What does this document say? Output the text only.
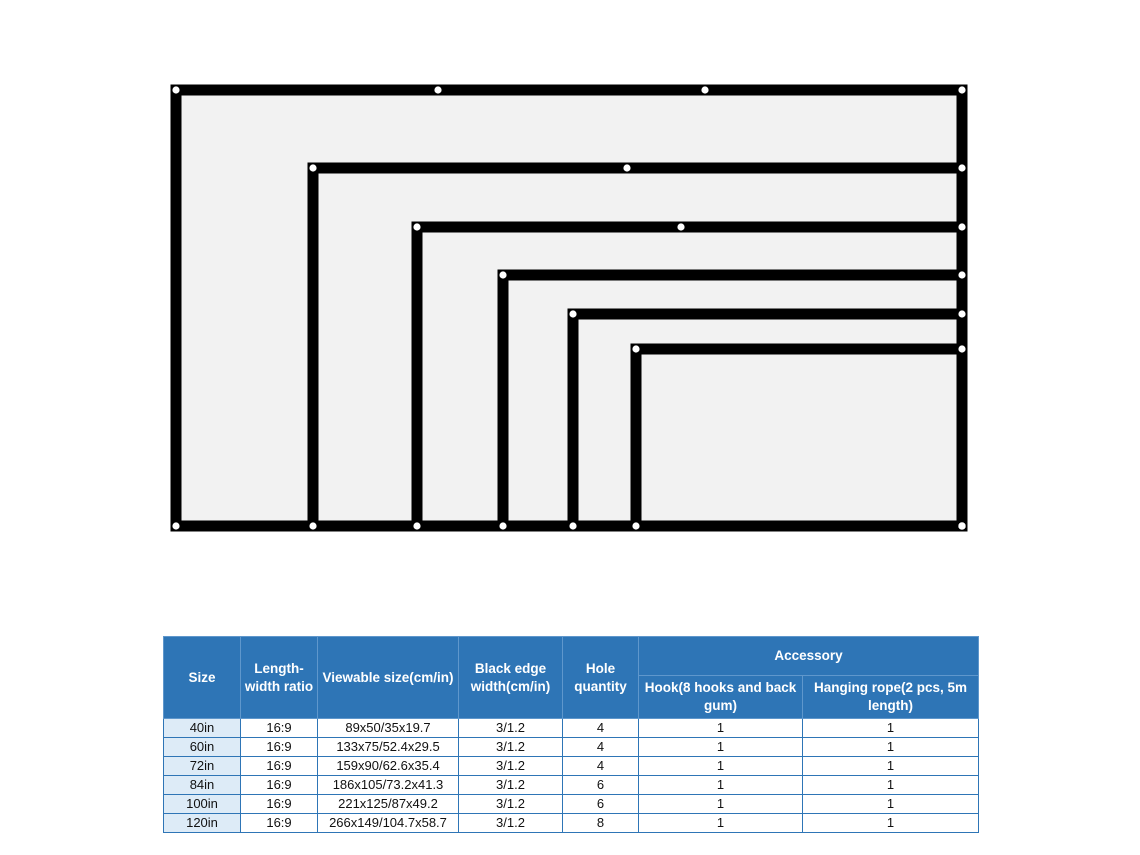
Size	Length-width ratio	Viewable size(cm/in)	Black edge width(cm/in)	Hole quantity	Accessory	
					Hook(8 hooks and back gum)	Hanging rope(2 pcs, 5m length)
40in	16:9	89x50/35x19.7	3/1.2	4	1	1
60in	16:9	133x75/52.4x29.5	3/1.2	4	1	1
72in	16:9	159x90/62.6x35.4	3/1.2	4	1	1
84in	16:9	186x105/73.2x41.3	3/1.2	6	1	1
100in	16:9	221x125/87x49.2	3/1.2	6	1	1
120in	16:9	266x149/104.7x58.7	3/1.2	8	1	1
